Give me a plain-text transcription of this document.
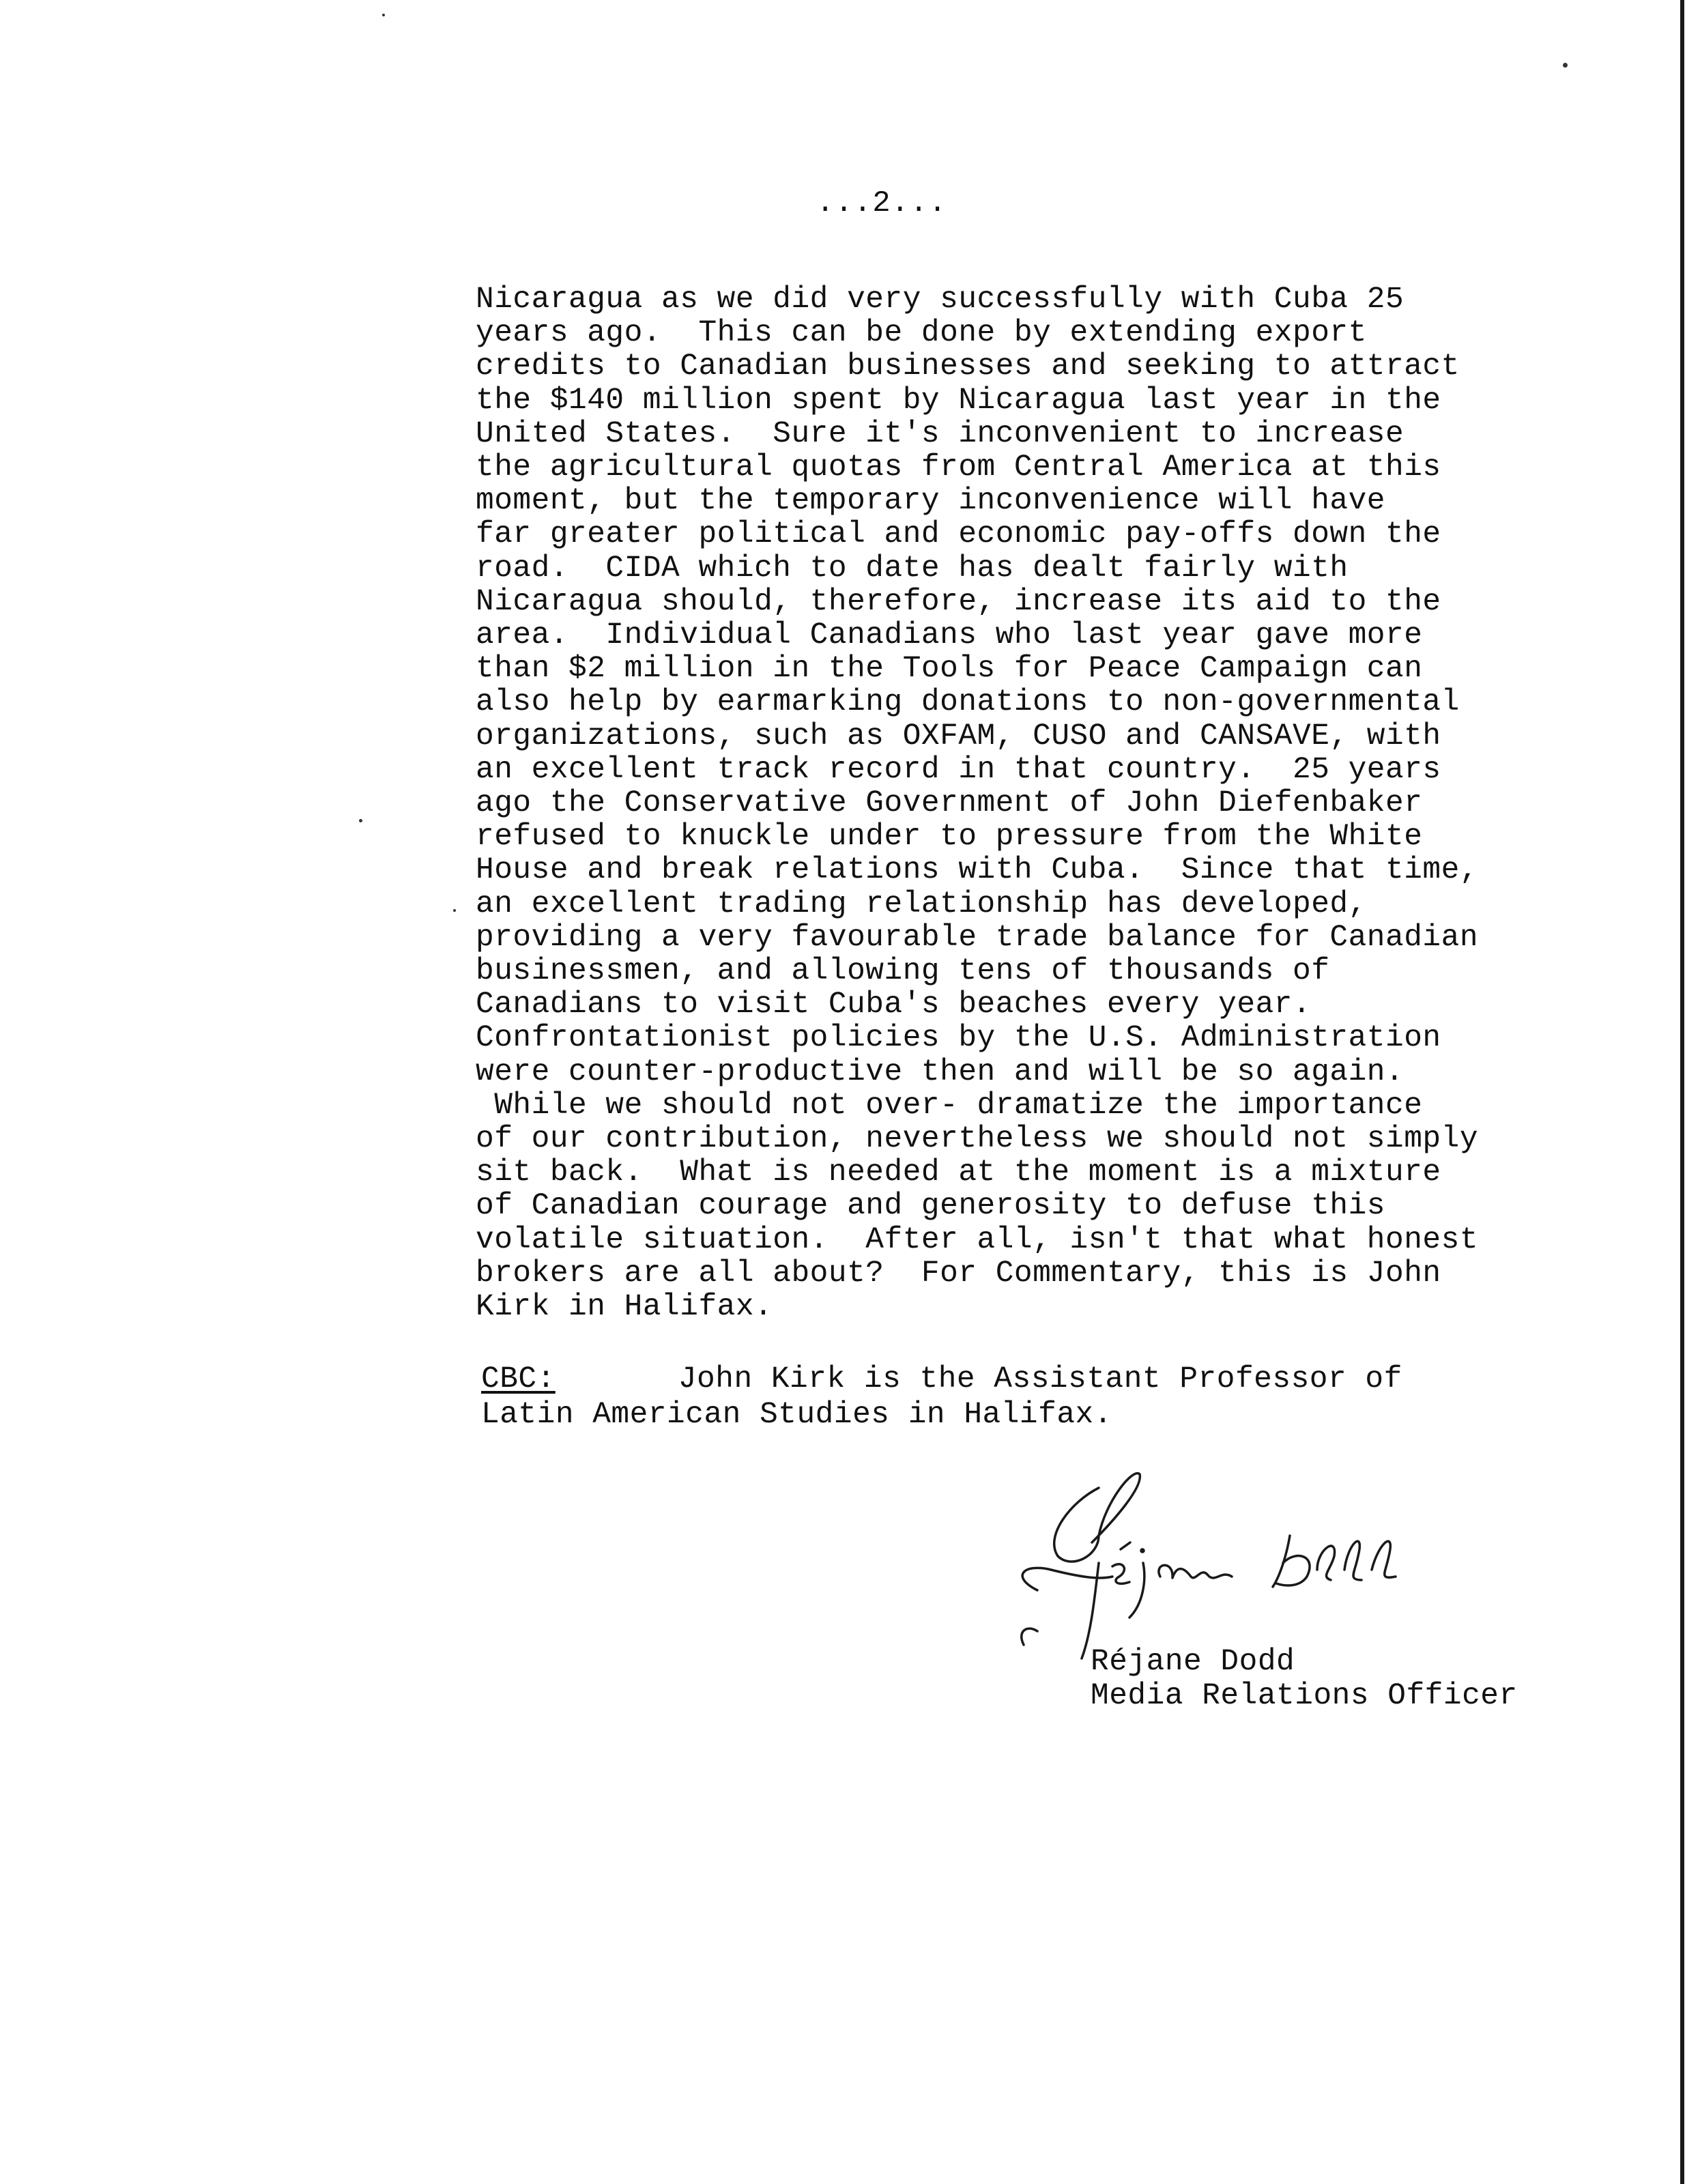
...2...
Nicaragua as we did very successfully with Cuba 25
years ago.  This can be done by extending export
credits to Canadian businesses and seeking to attract
the $140 million spent by Nicaragua last year in the
United States.  Sure it's inconvenient to increase
the agricultural quotas from Central America at this
moment, but the temporary inconvenience will have
far greater political and economic pay-offs down the
road.  CIDA which to date has dealt fairly with
Nicaragua should, therefore, increase its aid to the
area.  Individual Canadians who last year gave more
than $2 million in the Tools for Peace Campaign can
also help by earmarking donations to non-governmental
organizations, such as OXFAM, CUSO and CANSAVE, with
an excellent track record in that country.  25 years
ago the Conservative Government of John Diefenbaker
refused to knuckle under to pressure from the White
House and break relations with Cuba.  Since that time,
an excellent trading relationship has developed,
providing a very favourable trade balance for Canadian
businessmen, and allowing tens of thousands of
Canadians to visit Cuba's beaches every year.
Confrontationist policies by the U.S. Administration
were counter-productive then and will be so again.
While we should not over- dramatize the importance
of our contribution, nevertheless we should not simply
sit back.  What is needed at the moment is a mixture
of Canadian courage and generosity to defuse this
volatile situation.  After all, isn't that what honest
brokers are all about?  For Commentary, this is John
Kirk in Halifax.
CBC:	John Kirk is the Assistant Professor of
Latin American Studies in Halifax.
Réjane Dodd
Media Relations Officer
